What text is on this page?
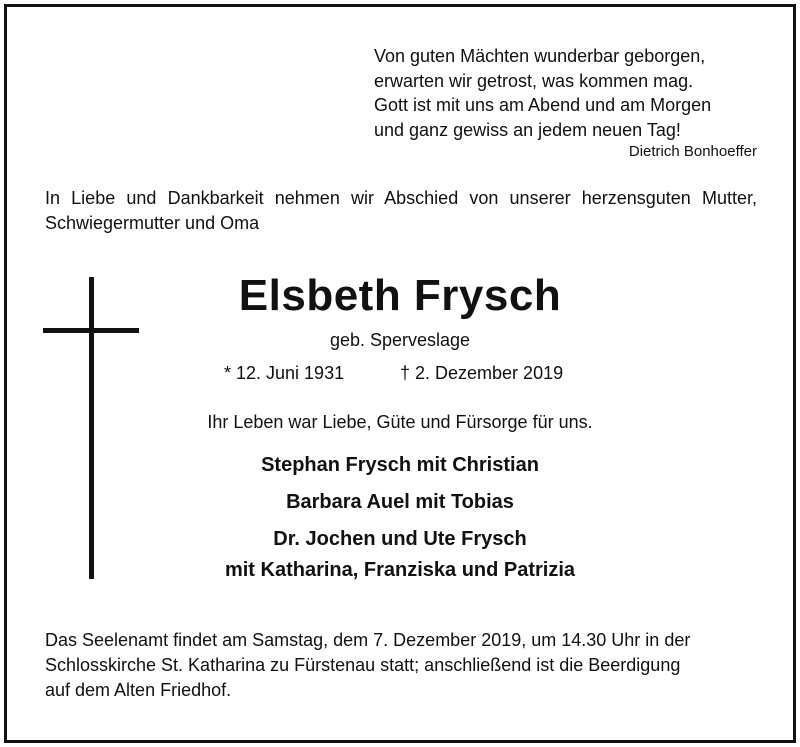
Von guten Mächten wunderbar geborgen,
erwarten wir getrost, was kommen mag.
Gott ist mit uns am Abend und am Morgen
und ganz gewiss an jedem neuen Tag!
Dietrich Bonhoeffer
In Liebe und Dankbarkeit nehmen wir Abschied von unserer herzensguten Mutter, Schwiegermutter und Oma
Elsbeth Frysch
geb. Sperveslage
* 12. Juni 1931	† 2. Dezember 2019
Ihr Leben war Liebe, Güte und Fürsorge für uns.
Stephan Frysch mit Christian
Barbara Auel mit Tobias
Dr. Jochen und Ute Frysch
mit Katharina, Franziska und Patrizia
Das Seelenamt findet am Samstag, dem 7. Dezember 2019, um 14.30 Uhr in der
Schlosskirche St. Katharina zu Fürstenau statt; anschließend ist die Beerdigung
auf dem Alten Friedhof.
